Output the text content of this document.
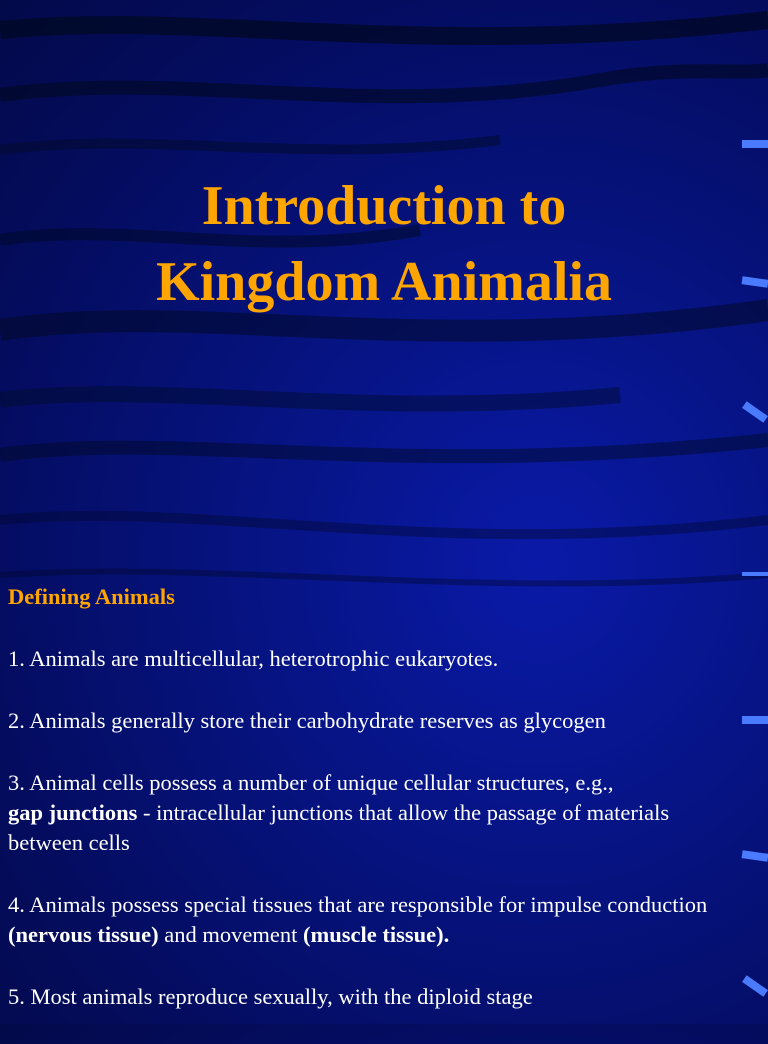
Introduction to
Kingdom Animalia
Defining Animals
1. Animals are multicellular, heterotrophic eukaryotes.
2. Animals generally store their carbohydrate reserves as glycogen
3. Animal cells possess a number of unique cellular structures, e.g.,
gap junctions - intracellular junctions that allow the passage of materials between cells
4. Animals possess special tissues that are responsible for impulse conduction (nervous tissue) and movement (muscle tissue).
5. Most animals reproduce sexually, with the diploid stage
